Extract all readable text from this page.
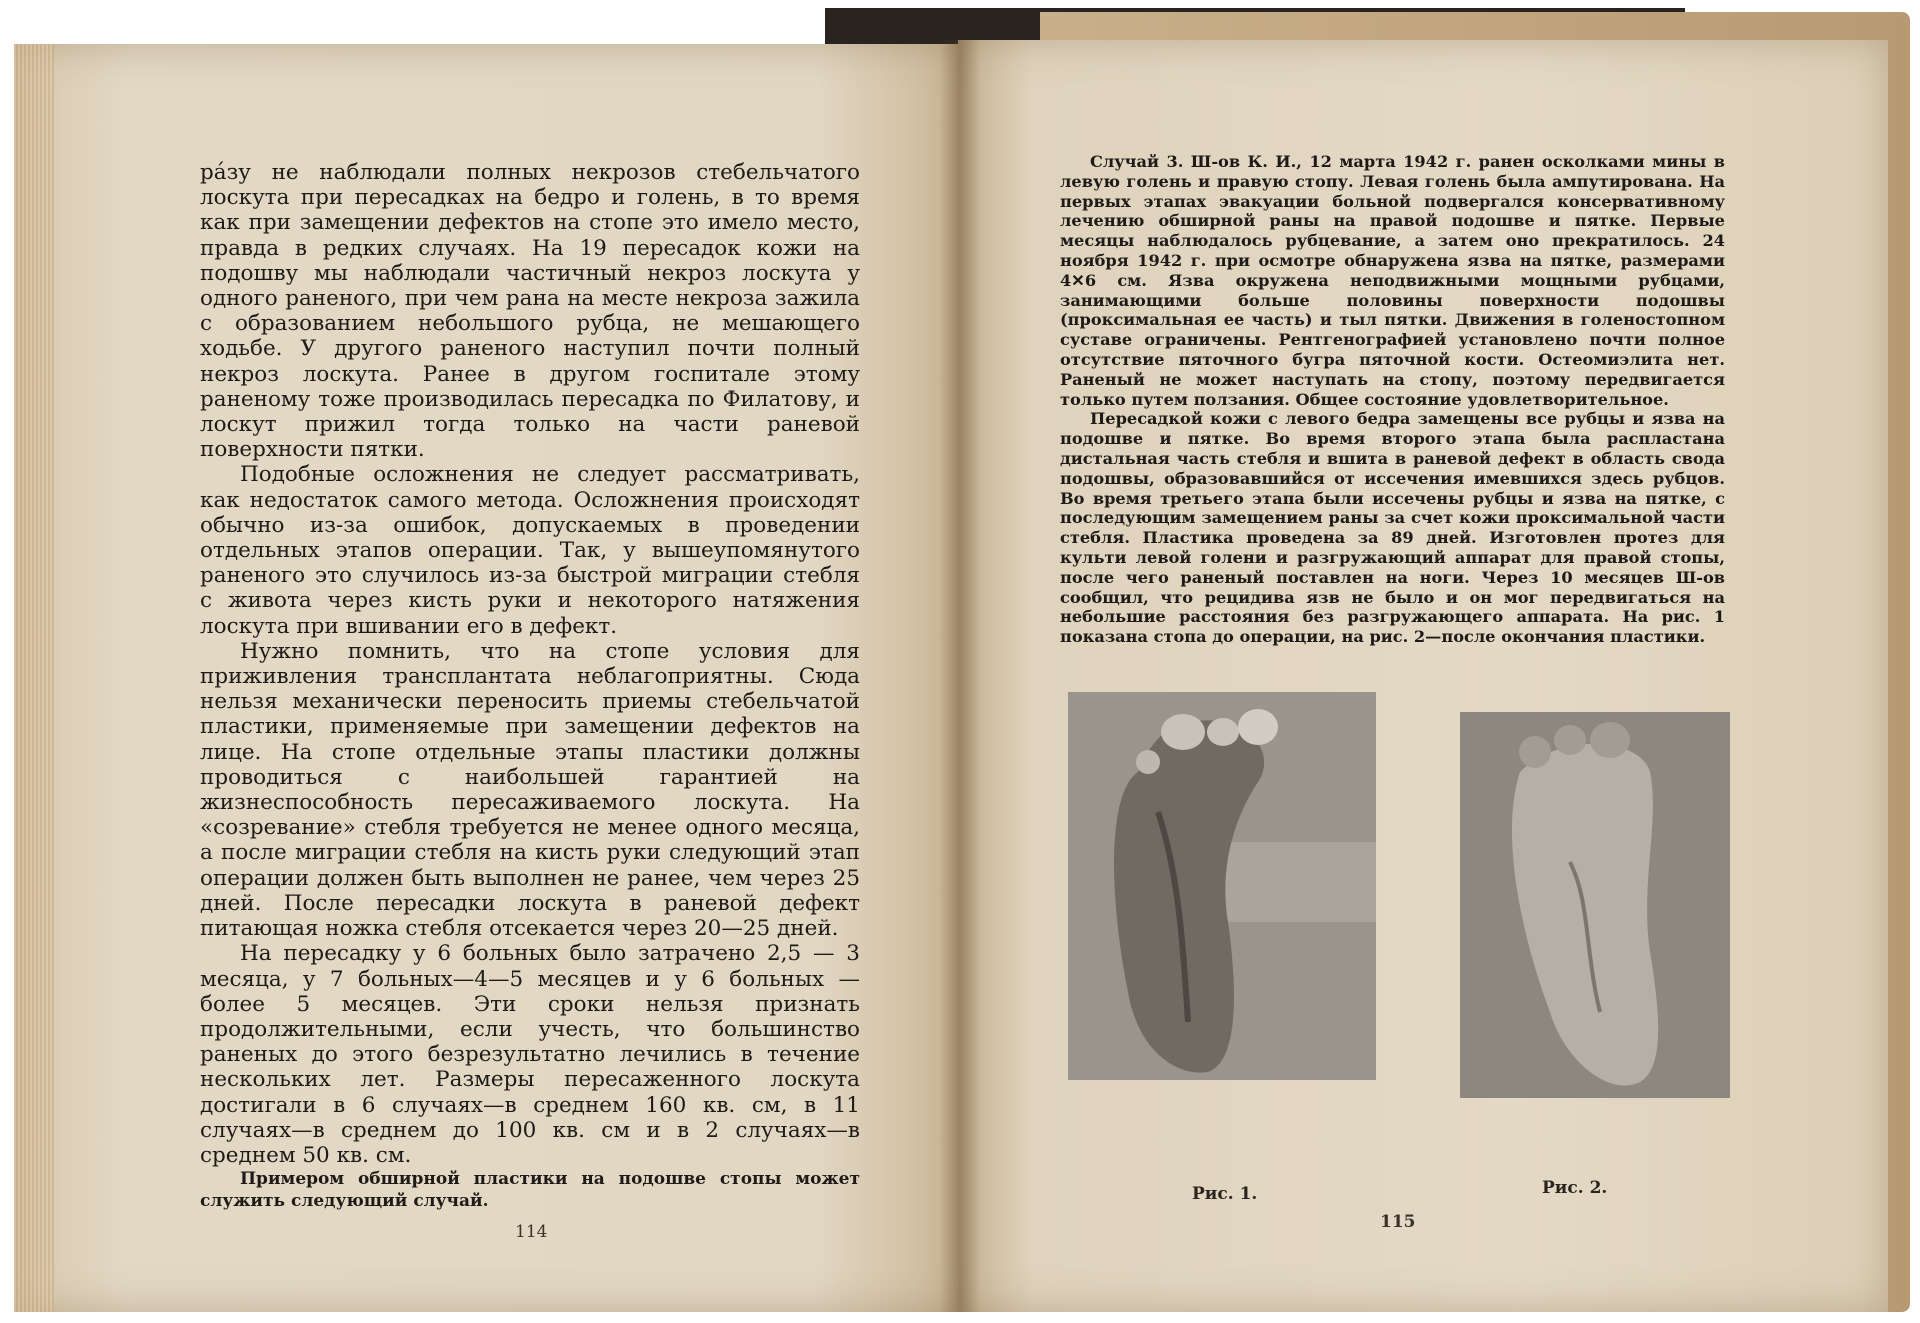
ра́зу не наблюдали полных некрозов стебельчатого лоскута при пересадках на бедро и голень, в то время как при замещении дефектов на стопе это имело место, правда в редких случаях. На 19 пересадок кожи на подошву мы наблюдали частичный некроз лоскута у одного раненого, при чем рана на месте некроза зажила с образованием небольшого рубца, не мешающего ходьбе. У другого раненого наступил почти полный некроз лоскута. Ранее в другом госпитале этому раненому тоже производилась пересадка по Филатову, и лоскут прижил тогда только на части раневой поверхности пятки.

Подобные осложнения не следует рассматривать, как недостаток самого метода. Осложнения происходят обычно из-за ошибок, допускаемых в проведении отдельных этапов операции. Так, у вышеупомянутого раненого это случилось из-за быстрой миграции стебля с живота через кисть руки и некоторого натяжения лоскута при вшивании его в дефект.

Нужно помнить, что на стопе условия для приживления трансплантата неблагоприятны. Сюда нельзя механически переносить приемы стебельчатой пластики, применяемые при замещении дефектов на лице. На стопе отдельные этапы пластики должны проводиться с наибольшей гарантией на жизнеспособность пересаживаемого лоскута. На «созревание» стебля требуется не менее одного месяца, а после миграции стебля на кисть руки следующий этап операции должен быть выполнен не ранее, чем через 25 дней. После пересадки лоскута в раневой дефект питающая ножка стебля отсекается через 20—25 дней.

На пересадку у 6 больных было затрачено 2,5 — 3 месяца, у 7 больных—4—5 месяцев и у 6 больных — более 5 месяцев. Эти сроки нельзя признать продолжительными, если учесть, что большинство раненых до этого безрезультатно лечились в течение нескольких лет. Размеры пересаженного лоскута достигали в 6 случаях—в среднем 160 кв. см, в 11 случаях—в среднем до 100 кв. см и в 2 случаях—в среднем 50 кв. см.

Примером обширной пластики на подошве стопы может служить следующий случай.

114

Случай 3. Ш-ов К. И., 12 марта 1942 г. ранен осколками мины в левую голень и правую стопу. Левая голень была ампутирована. На первых этапах эвакуации больной подвергался консервативному лечению обширной раны на правой подошве и пятке. Первые месяцы наблюдалось рубцевание, а затем оно прекратилось. 24 ноября 1942 г. при осмотре обнаружена язва на пятке, размерами 4✕6 см. Язва окружена неподвижными мощными рубцами, занимающими больше половины поверхности подошвы (проксимальная ее часть) и тыл пятки. Движения в голеностопном суставе ограничены. Рентгенографией установлено почти полное отсутствие пяточного бугра пяточной кости. Остеомиэлита нет. Раненый не может наступать на стопу, поэтому передвигается только путем ползания. Общее состояние удовлетворительное.

Пересадкой кожи с левого бедра замещены все рубцы и язва на подошве и пятке. Во время второго этапа была распластана дистальная часть стебля и вшита в раневой дефект в область свода подошвы, образовавшийся от иссечения имевшихся здесь рубцов. Во время третьего этапа были иссечены рубцы и язва на пятке, с последующим замещением раны за счет кожи проксимальной части стебля. Пластика проведена за 89 дней. Изготовлен протез для культи левой голени и разгружающий аппарат для правой стопы, после чего раненый поставлен на ноги. Через 10 месяцев Ш-ов сообщил, что рецидива язв не было и он мог передвигаться на небольшие расстояния без разгружающего аппарата. На рис. 1 показана стопа до операции, на рис. 2—после окончания пластики.

Рис. 1.	Рис. 2.
115
